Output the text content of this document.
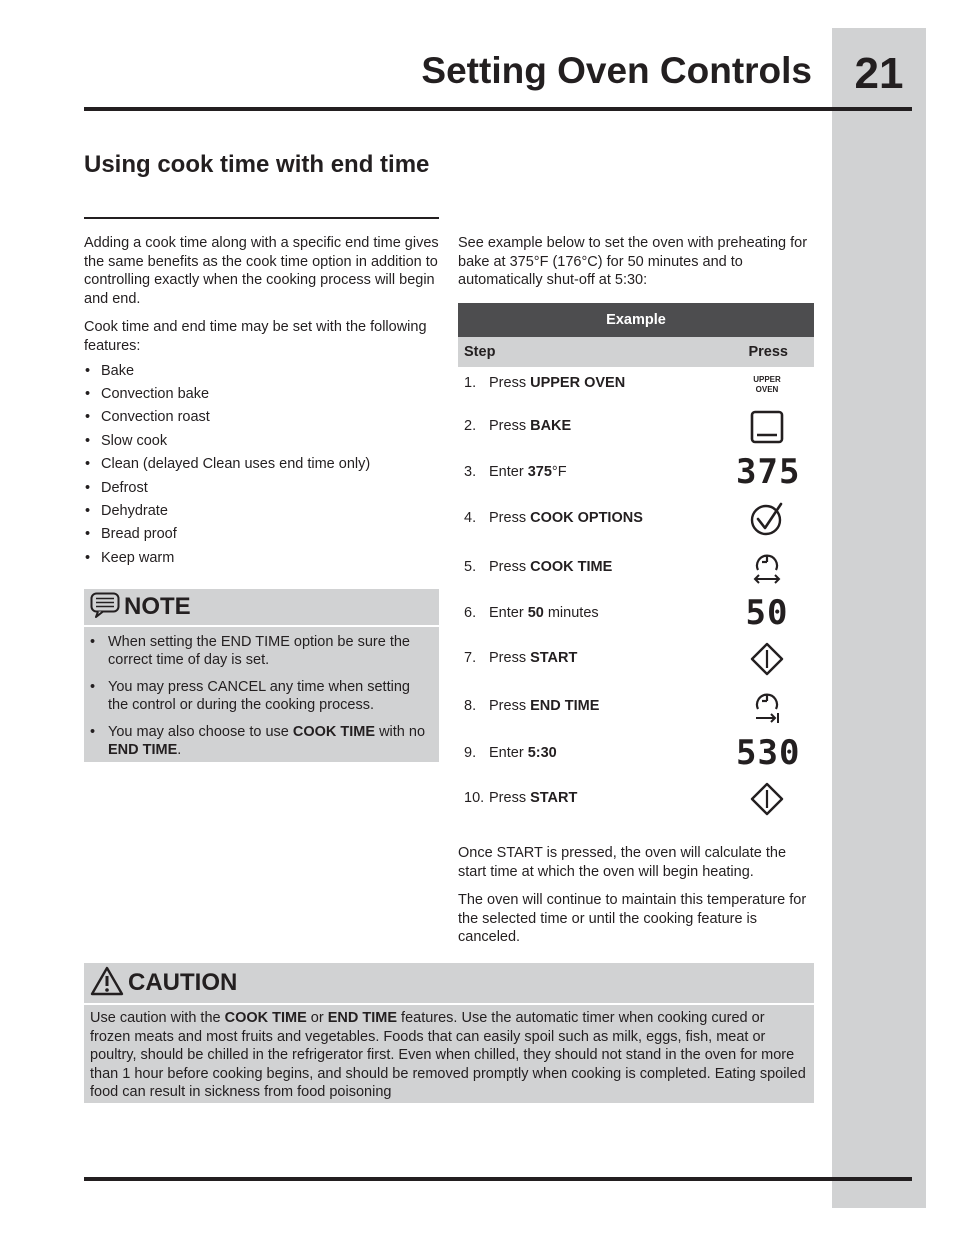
21
Setting Oven Controls
Using cook time with end time

Adding a cook time along with a specific end time gives the same benefits as the cook time option in addition to controlling exactly when the cooking process will begin and end.

Cook time and end time may be set with the following features:

• Bake
• Convection bake
• Convection roast
• Slow cook
• Clean (delayed Clean uses end time only)
• Defrost
• Dehydrate
• Bread proof
• Keep warm
NOTE
• When setting the END TIME option be sure the correct time of day is set.
• You may press CANCEL any time when setting the control or during the cooking process.
• You may also choose to use COOK TIME with no END TIME.
See example below to set the oven with preheating for bake at 375°F (176°C) for 50 minutes and to automatically shut-off at 5:30:
Example
Step	Press
1. Press UPPER OVEN	UPPER
OVEN
2. Press BAKE
3. Enter 375°F	375
4. Press COOK OPTIONS
5. Press COOK TIME
6. Enter 50 minutes	50
7. Press START
8. Press END TIME
9. Enter 5:30	530
10. Press START

Once START is pressed, the oven will calculate the start time at which the oven will begin heating.

The oven will continue to maintain this temperature for the selected time or until the cooking feature is canceled.

CAUTION
Use caution with the COOK TIME or END TIME features. Use the automatic timer when cooking cured or frozen meats and most fruits and vegetables. Foods that can easily spoil such as milk, eggs, fish, meat or poultry, should be chilled in the refrigerator first. Even when chilled, they should not stand in the oven for more than 1 hour before cooking begins, and should be removed promptly when cooking is completed. Eating spoiled food can result in sickness from food poisoning
